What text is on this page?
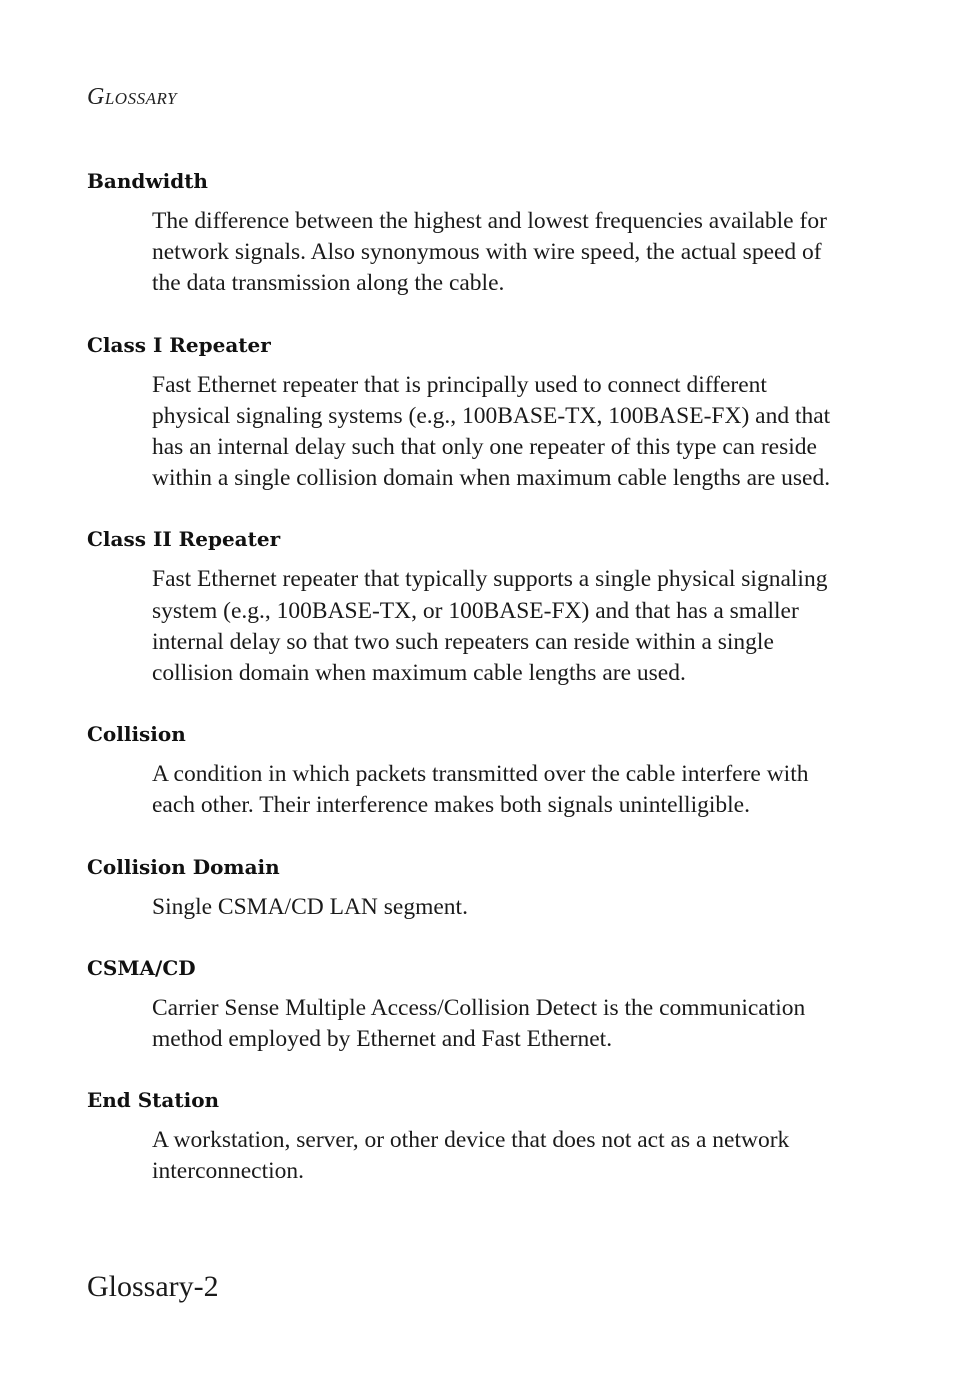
Glossary
Bandwidth
The difference between the highest and lowest frequencies available for network signals. Also synonymous with wire speed, the actual speed of the data transmission along the cable.
Class I Repeater
Fast Ethernet repeater that is principally used to connect different physical signaling systems (e.g., 100BASE-TX, 100BASE-FX) and that has an internal delay such that only one repeater of this type can reside within a single collision domain when maximum cable lengths are used.
Class II Repeater
Fast Ethernet repeater that typically supports a single physical signaling system (e.g., 100BASE-TX, or 100BASE-FX) and that has a smaller internal delay so that two such repeaters can reside within a single collision domain when maximum cable lengths are used.
Collision
A condition in which packets transmitted over the cable interfere with each other. Their interference makes both signals unintelligible.
Collision Domain
Single CSMA/CD LAN segment.
CSMA/CD
Carrier Sense Multiple Access/Collision Detect is the communication method employed by Ethernet and Fast Ethernet.
End Station
A workstation, server, or other device that does not act as a network interconnection.
Glossary-2
